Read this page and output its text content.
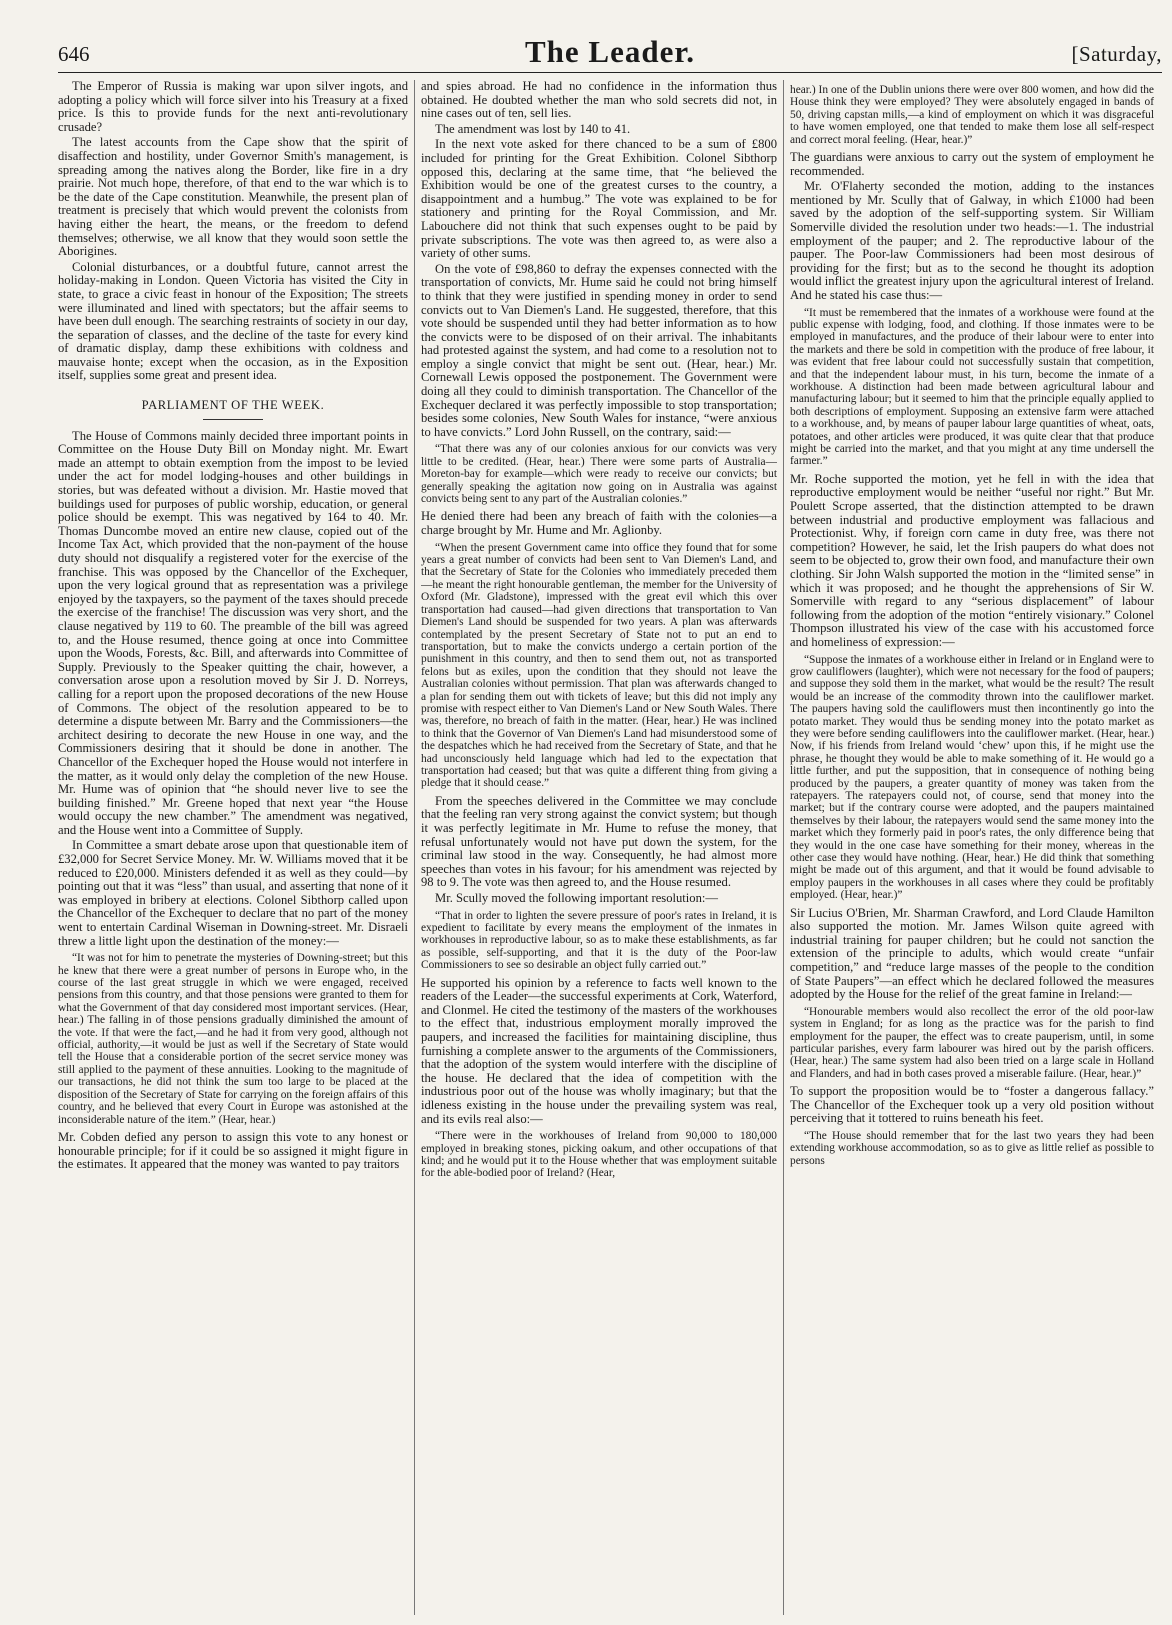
646	The Leader.	[Saturday,

The Emperor of Russia is making war upon silver ingots, and adopting a policy which will force silver into his Treasury at a fixed price. Is this to provide funds for the next anti-revolutionary crusade?

The latest accounts from the Cape show that the spirit of disaffection and hostility, under Governor Smith's management, is spreading among the natives along the Border, like fire in a dry prairie. Not much hope, therefore, of that end to the war which is to be the date of the Cape constitution. Meanwhile, the present plan of treatment is precisely that which would prevent the colonists from having either the heart, the means, or the freedom to defend themselves; otherwise, we all know that they would soon settle the Aborigines.

Colonial disturbances, or a doubtful future, cannot arrest the holiday-making in London. Queen Victoria has visited the City in state, to grace a civic feast in honour of the Exposition; The streets were illuminated and lined with spectators; but the affair seems to have been dull enough. The searching restraints of society in our day, the separation of classes, and the decline of the taste for every kind of dramatic display, damp these exhibitions with coldness and mauvaise honte; except when the occasion, as in the Exposition itself, supplies some great and present idea.

PARLIAMENT OF THE WEEK.

The House of Commons mainly decided three important points in Committee on the House Duty Bill on Monday night. Mr. Ewart made an attempt to obtain exemption from the impost to be levied under the act for model lodging-houses and other buildings in stories, but was defeated without a division. Mr. Hastie moved that buildings used for purposes of public worship, education, or general police should be exempt. This was negatived by 164 to 40. Mr. Thomas Duncombe moved an entire new clause, copied out of the Income Tax Act, which provided that the non-payment of the house duty should not disqualify a registered voter for the exercise of the franchise. This was opposed by the Chancellor of the Exchequer, upon the very logical ground that as representation was a privilege enjoyed by the taxpayers, so the payment of the taxes should precede the exercise of the franchise! The discussion was very short, and the clause negatived by 119 to 60. The preamble of the bill was agreed to, and the House resumed, thence going at once into Committee upon the Woods, Forests, &c. Bill, and afterwards into Committee of Supply. Previously to the Speaker quitting the chair, however, a conversation arose upon a resolution moved by Sir J. D. Norreys, calling for a report upon the proposed decorations of the new House of Commons. The object of the resolution appeared to be to determine a dispute between Mr. Barry and the Commissioners—the architect desiring to decorate the new House in one way, and the Commissioners desiring that it should be done in another. The Chancellor of the Exchequer hoped the House would not interfere in the matter, as it would only delay the completion of the new House. Mr. Hume was of opinion that “he should never live to see the building finished.” Mr. Greene hoped that next year “the House would occupy the new chamber.” The amendment was negatived, and the House went into a Committee of Supply.

In Committee a smart debate arose upon that questionable item of £32,000 for Secret Service Money. Mr. W. Williams moved that it be reduced to £20,000. Ministers defended it as well as they could—by pointing out that it was “less” than usual, and asserting that none of it was employed in bribery at elections. Colonel Sibthorp called upon the Chancellor of the Exchequer to declare that no part of the money went to entertain Cardinal Wiseman in Downing-street. Mr. Disraeli threw a little light upon the destination of the money:—

“It was not for him to penetrate the mysteries of Downing-street; but this he knew that there were a great number of persons in Europe who, in the course of the last great struggle in which we were engaged, received pensions from this country, and that those pensions were granted to them for what the Government of that day considered most important services. (Hear, hear.) The falling in of those pensions gradually diminished the amount of the vote. If that were the fact,—and he had it from very good, although not official, authority,—it would be just as well if the Secretary of State would tell the House that a considerable portion of the secret service money was still applied to the payment of these annuities. Looking to the magnitude of our transactions, he did not think the sum too large to be placed at the disposition of the Secretary of State for carrying on the foreign affairs of this country, and he believed that every Court in Europe was astonished at the inconsiderable nature of the item.” (Hear, hear.)

Mr. Cobden defied any person to assign this vote to any honest or honourable principle; for if it could be so assigned it might figure in the estimates. It appeared that the money was wanted to pay traitors

and spies abroad. He had no confidence in the information thus obtained. He doubted whether the man who sold secrets did not, in nine cases out of ten, sell lies.

The amendment was lost by 140 to 41.

In the next vote asked for there chanced to be a sum of £800 included for printing for the Great Exhibition. Colonel Sibthorp opposed this, declaring at the same time, that “he believed the Exhibition would be one of the greatest curses to the country, a disappointment and a humbug.” The vote was explained to be for stationery and printing for the Royal Commission, and Mr. Labouchere did not think that such expenses ought to be paid by private subscriptions. The vote was then agreed to, as were also a variety of other sums.

On the vote of £98,860 to defray the expenses connected with the transportation of convicts, Mr. Hume said he could not bring himself to think that they were justified in spending money in order to send convicts out to Van Diemen's Land. He suggested, therefore, that this vote should be suspended until they had better information as to how the convicts were to be disposed of on their arrival. The inhabitants had protested against the system, and had come to a resolution not to employ a single convict that might be sent out. (Hear, hear.) Mr. Cornewall Lewis opposed the postponement. The Government were doing all they could to diminish transportation. The Chancellor of the Exchequer declared it was perfectly impossible to stop transportation; besides some colonies, New South Wales for instance, “were anxious to have convicts.” Lord John Russell, on the contrary, said:—

“That there was any of our colonies anxious for our convicts was very little to be credited. (Hear, hear.) There were some parts of Australia—Moreton-bay for example—which were ready to receive our convicts; but generally speaking the agitation now going on in Australia was against convicts being sent to any part of the Australian colonies.”

He denied there had been any breach of faith with the colonies—a charge brought by Mr. Hume and Mr. Aglionby.

“When the present Government came into office they found that for some years a great number of convicts had been sent to Van Diemen's Land, and that the Secretary of State for the Colonies who immediately preceded them—he meant the right honourable gentleman, the member for the University of Oxford (Mr. Gladstone), impressed with the great evil which this over transportation had caused—had given directions that transportation to Van Diemen's Land should be suspended for two years. A plan was afterwards contemplated by the present Secretary of State not to put an end to transportation, but to make the convicts undergo a certain portion of the punishment in this country, and then to send them out, not as transported felons but as exiles, upon the condition that they should not leave the Australian colonies without permission. That plan was afterwards changed to a plan for sending them out with tickets of leave; but this did not imply any promise with respect either to Van Diemen's Land or New South Wales. There was, therefore, no breach of faith in the matter. (Hear, hear.) He was inclined to think that the Governor of Van Diemen's Land had misunderstood some of the despatches which he had received from the Secretary of State, and that he had unconsciously held language which had led to the expectation that transportation had ceased; but that was quite a different thing from giving a pledge that it should cease.”

From the speeches delivered in the Committee we may conclude that the feeling ran very strong against the convict system; but though it was perfectly legitimate in Mr. Hume to refuse the money, that refusal unfortunately would not have put down the system, for the criminal law stood in the way. Consequently, he had almost more speeches than votes in his favour; for his amendment was rejected by 98 to 9. The vote was then agreed to, and the House resumed.

Mr. Scully moved the following important resolution:—

“That in order to lighten the severe pressure of poor's rates in Ireland, it is expedient to facilitate by every means the employment of the inmates in workhouses in reproductive labour, so as to make these establishments, as far as possible, self-supporting, and that it is the duty of the Poor-law Commissioners to see so desirable an object fully carried out.”

He supported his opinion by a reference to facts well known to the readers of the Leader—the successful experiments at Cork, Waterford, and Clonmel. He cited the testimony of the masters of the workhouses to the effect that, industrious employment morally improved the paupers, and increased the facilities for maintaining discipline, thus furnishing a complete answer to the arguments of the Commissioners, that the adoption of the system would interfere with the discipline of the house. He declared that the idea of competition with the industrious poor out of the house was wholly imaginary; but that the idleness existing in the house under the prevailing system was real, and its evils real also:—

“There were in the workhouses of Ireland from 90,000 to 180,000 employed in breaking stones, picking oakum, and other occupations of that kind; and he would put it to the House whether that was employment suitable for the able-bodied poor of Ireland? (Hear,

hear.) In one of the Dublin unions there were over 800 women, and how did the House think they were employed? They were absolutely engaged in bands of 50, driving capstan mills,—a kind of employment on which it was disgraceful to have women employed, one that tended to make them lose all self-respect and correct moral feeling. (Hear, hear.)”

The guardians were anxious to carry out the system of employment he recommended.

Mr. O'Flaherty seconded the motion, adding to the instances mentioned by Mr. Scully that of Galway, in which £1000 had been saved by the adoption of the self-supporting system. Sir William Somerville divided the resolution under two heads:—1. The industrial employment of the pauper; and 2. The reproductive labour of the pauper. The Poor-law Commissioners had been most desirous of providing for the first; but as to the second he thought its adoption would inflict the greatest injury upon the agricultural interest of Ireland. And he stated his case thus:—

“It must be remembered that the inmates of a workhouse were found at the public expense with lodging, food, and clothing. If those inmates were to be employed in manufactures, and the produce of their labour were to enter into the markets and there be sold in competition with the produce of free labour, it was evident that free labour could not successfully sustain that competition, and that the independent labour must, in his turn, become the inmate of a workhouse. A distinction had been made between agricultural labour and manufacturing labour; but it seemed to him that the principle equally applied to both descriptions of employment. Supposing an extensive farm were attached to a workhouse, and, by means of pauper labour large quantities of wheat, oats, potatoes, and other articles were produced, it was quite clear that that produce might be carried into the market, and that you might at any time undersell the farmer.”

Mr. Roche supported the motion, yet he fell in with the idea that reproductive employment would be neither “useful nor right.” But Mr. Poulett Scrope asserted, that the distinction attempted to be drawn between industrial and productive employment was fallacious and Protectionist. Why, if foreign corn came in duty free, was there not competition? However, he said, let the Irish paupers do what does not seem to be objected to, grow their own food, and manufacture their own clothing. Sir John Walsh supported the motion in the “limited sense” in which it was proposed; and he thought the apprehensions of Sir W. Somerville with regard to any “serious displacement” of labour following from the adoption of the motion “entirely visionary.” Colonel Thompson illustrated his view of the case with his accustomed force and homeliness of expression:—

“Suppose the inmates of a workhouse either in Ireland or in England were to grow cauliflowers (laughter), which were not necessary for the food of paupers; and suppose they sold them in the market, what would be the result? The result would be an increase of the commodity thrown into the cauliflower market. The paupers having sold the cauliflowers must then incontinently go into the potato market. They would thus be sending money into the potato market as they were before sending cauliflowers into the cauliflower market. (Hear, hear.) Now, if his friends from Ireland would ‘chew’ upon this, if he might use the phrase, he thought they would be able to make something of it. He would go a little further, and put the supposition, that in consequence of nothing being produced by the paupers, a greater quantity of money was taken from the ratepayers. The ratepayers could not, of course, send that money into the market; but if the contrary course were adopted, and the paupers maintained themselves by their labour, the ratepayers would send the same money into the market which they formerly paid in poor's rates, the only difference being that they would in the one case have something for their money, whereas in the other case they would have nothing. (Hear, hear.) He did think that something might be made out of this argument, and that it would be found advisable to employ paupers in the workhouses in all cases where they could be profitably employed. (Hear, hear.)”

Sir Lucius O'Brien, Mr. Sharman Crawford, and Lord Claude Hamilton also supported the motion. Mr. James Wilson quite agreed with industrial training for pauper children; but he could not sanction the extension of the principle to adults, which would create “unfair competition,” and “reduce large masses of the people to the condition of State Paupers”—an effect which he declared followed the measures adopted by the House for the relief of the great famine in Ireland:—

“Honourable members would also recollect the error of the old poor-law system in England; for as long as the practice was for the parish to find employment for the pauper, the effect was to create pauperism, until, in some particular parishes, every farm labourer was hired out by the parish officers. (Hear, hear.) The same system had also been tried on a large scale in Holland and Flanders, and had in both cases proved a miserable failure. (Hear, hear.)”

To support the proposition would be to “foster a dangerous fallacy.” The Chancellor of the Exchequer took up a very old position without perceiving that it tottered to ruins beneath his feet.

“The House should remember that for the last two years they had been extending workhouse accommodation, so as to give as little relief as possible to persons
